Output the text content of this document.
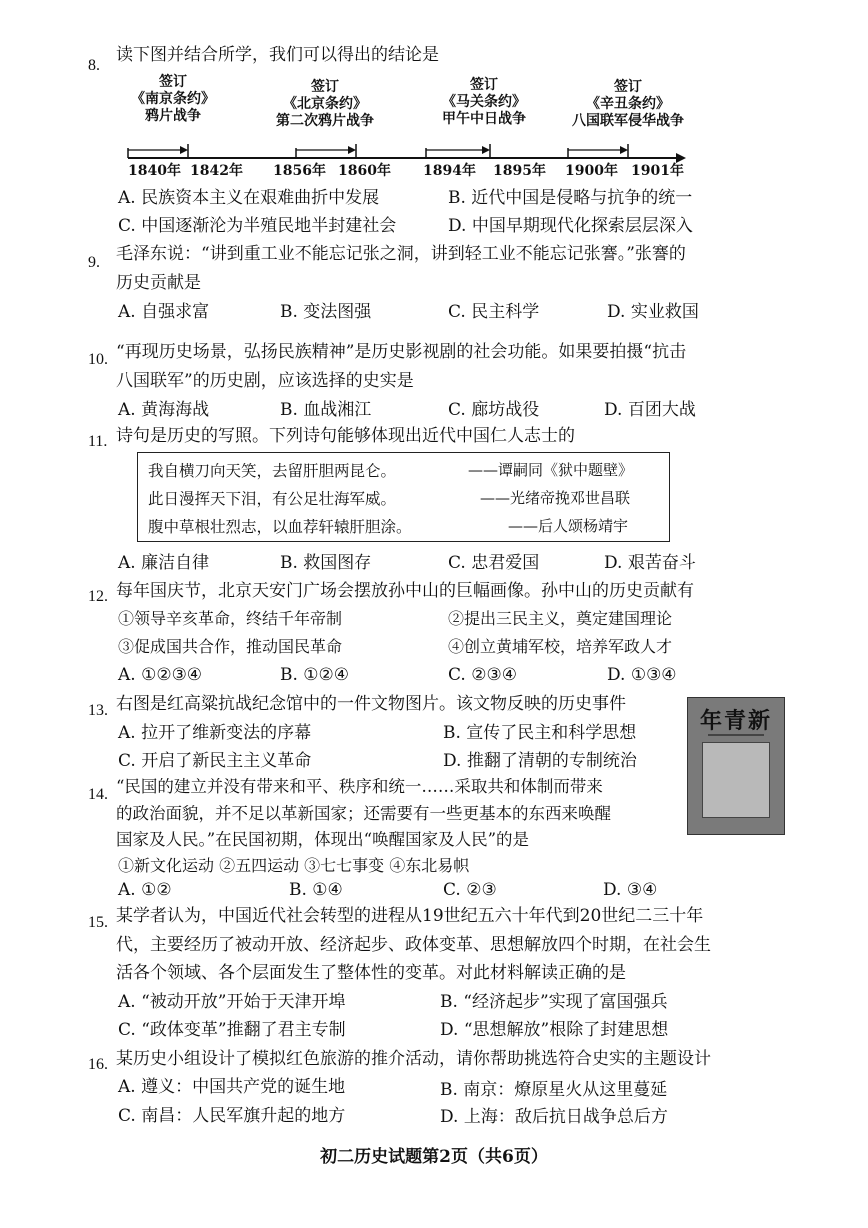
8.
读下图并结合所学，我们可以得出的结论是
签订
《南京条约》
鸦片战争
签订
《北京条约》
第二次鸦片战争
签订
《马关条约》
甲午中日战争
签订
《辛丑条约》
八国联军侵华战争
1840年 1842年 1856年 1860年 1894年 1895年 1900年 1901年
A. 民族资本主义在艰难曲折中发展	B. 近代中国是侵略与抗争的统一
C. 中国逐渐沦为半殖民地半封建社会	D. 中国早期现代化探索层层深入
9. 毛泽东说：“讲到重工业不能忘记张之洞，讲到轻工业不能忘记张謇。”张謇的
历史贡献是
A. 自强求富	B. 变法图强	C. 民主科学	D. 实业救国
10. “再现历史场景，弘扬民族精神”是历史影视剧的社会功能。如果要拍摄“抗击
八国联军”的历史剧，应该选择的史实是
A. 黄海海战	B. 血战湘江	C. 廊坊战役	D. 百团大战
11. 诗句是历史的写照。下列诗句能够体现出近代中国仁人志士的
我自横刀向天笑，去留肝胆两昆仑。	——谭嗣同《狱中题壁》
此日漫挥天下泪，有公足壮海军威。	——光绪帝挽邓世昌联
腹中草根壮烈志，以血荐轩辕肝胆涂。	——后人颂杨靖宇
A. 廉洁自律	B. 救国图存	C. 忠君爱国	D. 艰苦奋斗
12. 每年国庆节，北京天安门广场会摆放孙中山的巨幅画像。孙中山的历史贡献有
①领导辛亥革命，终结千年帝制	②提出三民主义，奠定建国理论
③促成国共合作，推动国民革命	④创立黄埔军校，培养军政人才
A. ①②③④	B. ①②④	C. ②③④	D. ①③④
13. 右图是红高粱抗战纪念馆中的一件文物图片。该文物反映的历史事件
年青新
A. 拉开了维新变法的序幕	B. 宣传了民主和科学思想
C. 开启了新民主主义革命	D. 推翻了清朝的专制统治
14. “民国的建立并没有带来和平、秩序和统一……采取共和体制而带来
的政治面貌，并不足以革新国家；还需要有一些更基本的东西来唤醒
国家及人民。”在民国初期，体现出“唤醒国家及人民”的是
①新文化运动 ②五四运动 ③七七事变 ④东北易帜
A. ①②	B. ①④	C. ②③	D. ③④
15. 某学者认为，中国近代社会转型的进程从19世纪五六十年代到20世纪二三十年
代，主要经历了被动开放、经济起步、政体变革、思想解放四个时期，在社会生
活各个领域、各个层面发生了整体性的变革。对此材料解读正确的是
A. “被动开放”开始于天津开埠	B. “经济起步”实现了富国强兵
C. “政体变革”推翻了君主专制	D. “思想解放”根除了封建思想
16. 某历史小组设计了模拟红色旅游的推介活动，请你帮助挑选符合史实的主题设计
A. 遵义：中国共产党的诞生地	B. 南京：燎原星火从这里蔓延
C. 南昌：人民军旗升起的地方	D. 上海：敌后抗日战争总后方
初二历史试题第2页（共6页）
